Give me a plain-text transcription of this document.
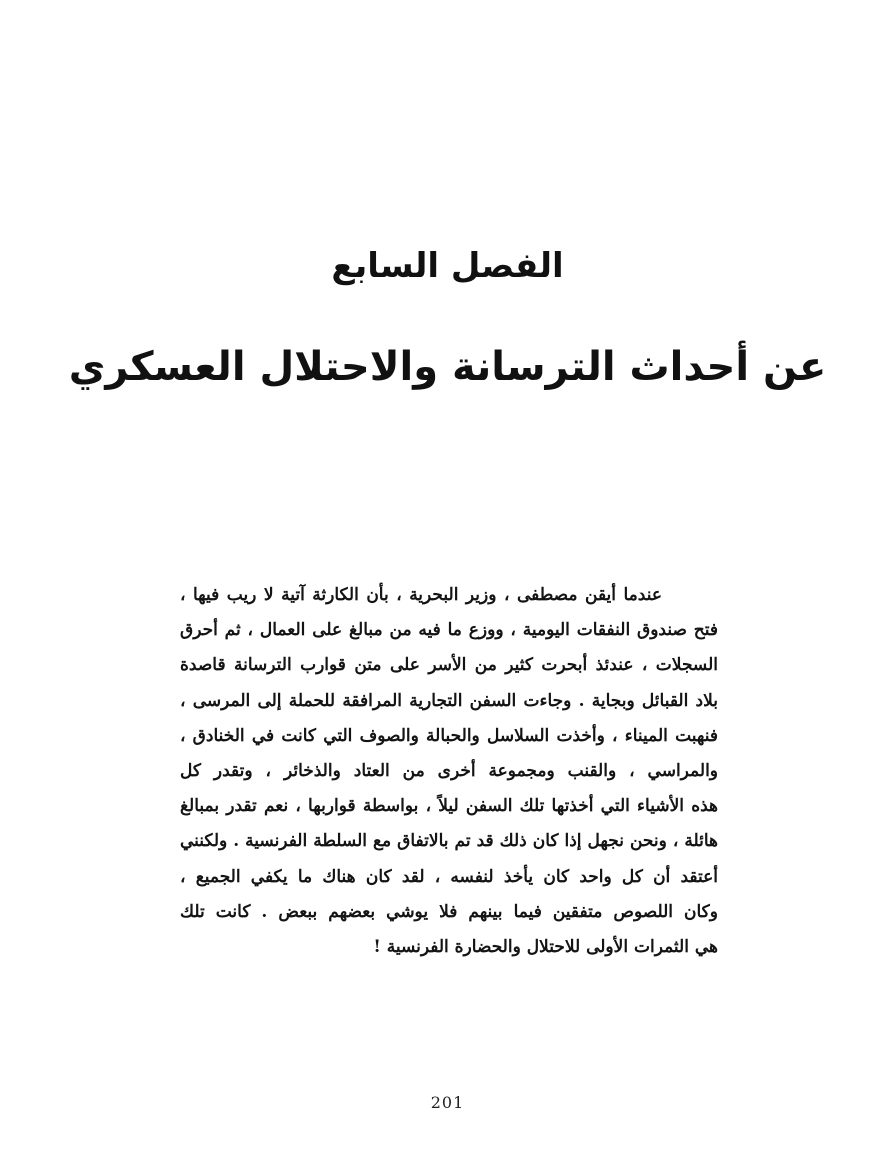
الفصل السابع
عن أحداث الترسانة والاحتلال العسكري
عندما أيقن مصطفى ، وزير البحرية ، بأن الكارثة آتية لا ريب فيها ،
فتح صندوق النفقات اليومية ، ووزع ما فيه من مبالغ على العمال ، ثم أحرق
السجلات ، عندئذ أبحرت كثير من الأسر على متن قوارب الترسانة قاصدة
بلاد القبائل وبجاية . وجاءت السفن التجارية المرافقة للحملة إلى المرسى ،
فنهبت الميناء ، وأخذت السلاسل والحبالة والصوف التي كانت في الخنادق ،
والمراسي ، والقنب ومجموعة أخرى من العتاد والذخائر ، وتقدر كل
هذه الأشياء التي أخذتها تلك السفن ليلاً ، بواسطة قواربها ، نعم تقدر بمبالغ
هائلة ، ونحن نجهل إذا كان ذلك قد تم بالاتفاق مع السلطة الفرنسية . ولكنني
أعتقد أن كل واحد كان يأخذ لنفسه ، لقد كان هناك ما يكفي الجميع ،
وكان اللصوص متفقين فيما بينهم فلا يوشي بعضهم ببعض . كانت تلك
هي الثمرات الأولى للاحتلال والحضارة الفرنسية !
201
